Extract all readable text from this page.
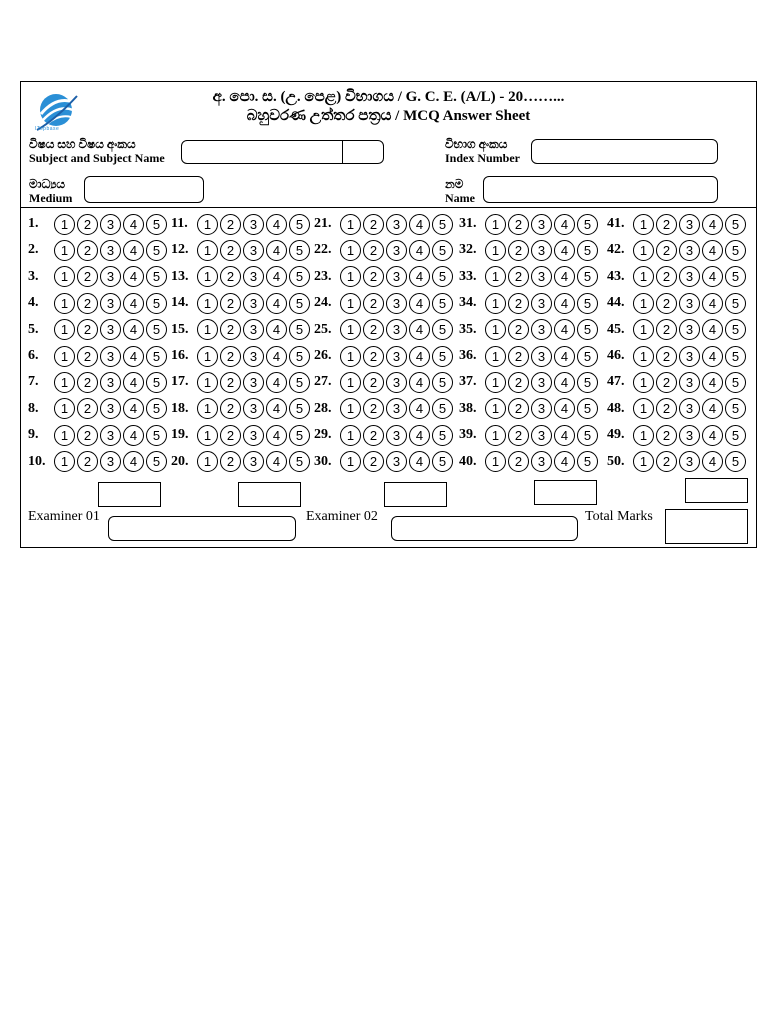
ITopbase
අ. පො. ස. (උ. පෙළ) විභාගය / G. C. E. (A/L) - 20……...
බහුවරණ උත්තර පත්‍රය / MCQ Answer Sheet
විෂය සහ විෂය අංකය
Subject and Subject Name
විභාග අංකය
Index Number
මාධ්‍යය
Medium
නම
Name
1.	1	2	3	4	5
2.	1	2	3	4	5
3.	1	2	3	4	5
4.	1	2	3	4	5
5.	1	2	3	4	5
6.	1	2	3	4	5
7.	1	2	3	4	5
8.	1	2	3	4	5
9.	1	2	3	4	5
10.	1	2	3	4	5
11.	1	2	3	4	5
12.	1	2	3	4	5
13.	1	2	3	4	5
14.	1	2	3	4	5
15.	1	2	3	4	5
16.	1	2	3	4	5
17.	1	2	3	4	5
18.	1	2	3	4	5
19.	1	2	3	4	5
20.	1	2	3	4	5
21.	1	2	3	4	5
22.	1	2	3	4	5
23.	1	2	3	4	5
24.	1	2	3	4	5
25.	1	2	3	4	5
26.	1	2	3	4	5
27.	1	2	3	4	5
28.	1	2	3	4	5
29.	1	2	3	4	5
30.	1	2	3	4	5
31.	1	2	3	4	5
32.	1	2	3	4	5
33.	1	2	3	4	5
34.	1	2	3	4	5
35.	1	2	3	4	5
36.	1	2	3	4	5
37.	1	2	3	4	5
38.	1	2	3	4	5
39.	1	2	3	4	5
40.	1	2	3	4	5
41.	1	2	3	4	5
42.	1	2	3	4	5
43.	1	2	3	4	5
44.	1	2	3	4	5
45.	1	2	3	4	5
46.	1	2	3	4	5
47.	1	2	3	4	5
48.	1	2	3	4	5
49.	1	2	3	4	5
50.	1	2	3	4	5
Examiner 01	Examiner 02	Total Marks
